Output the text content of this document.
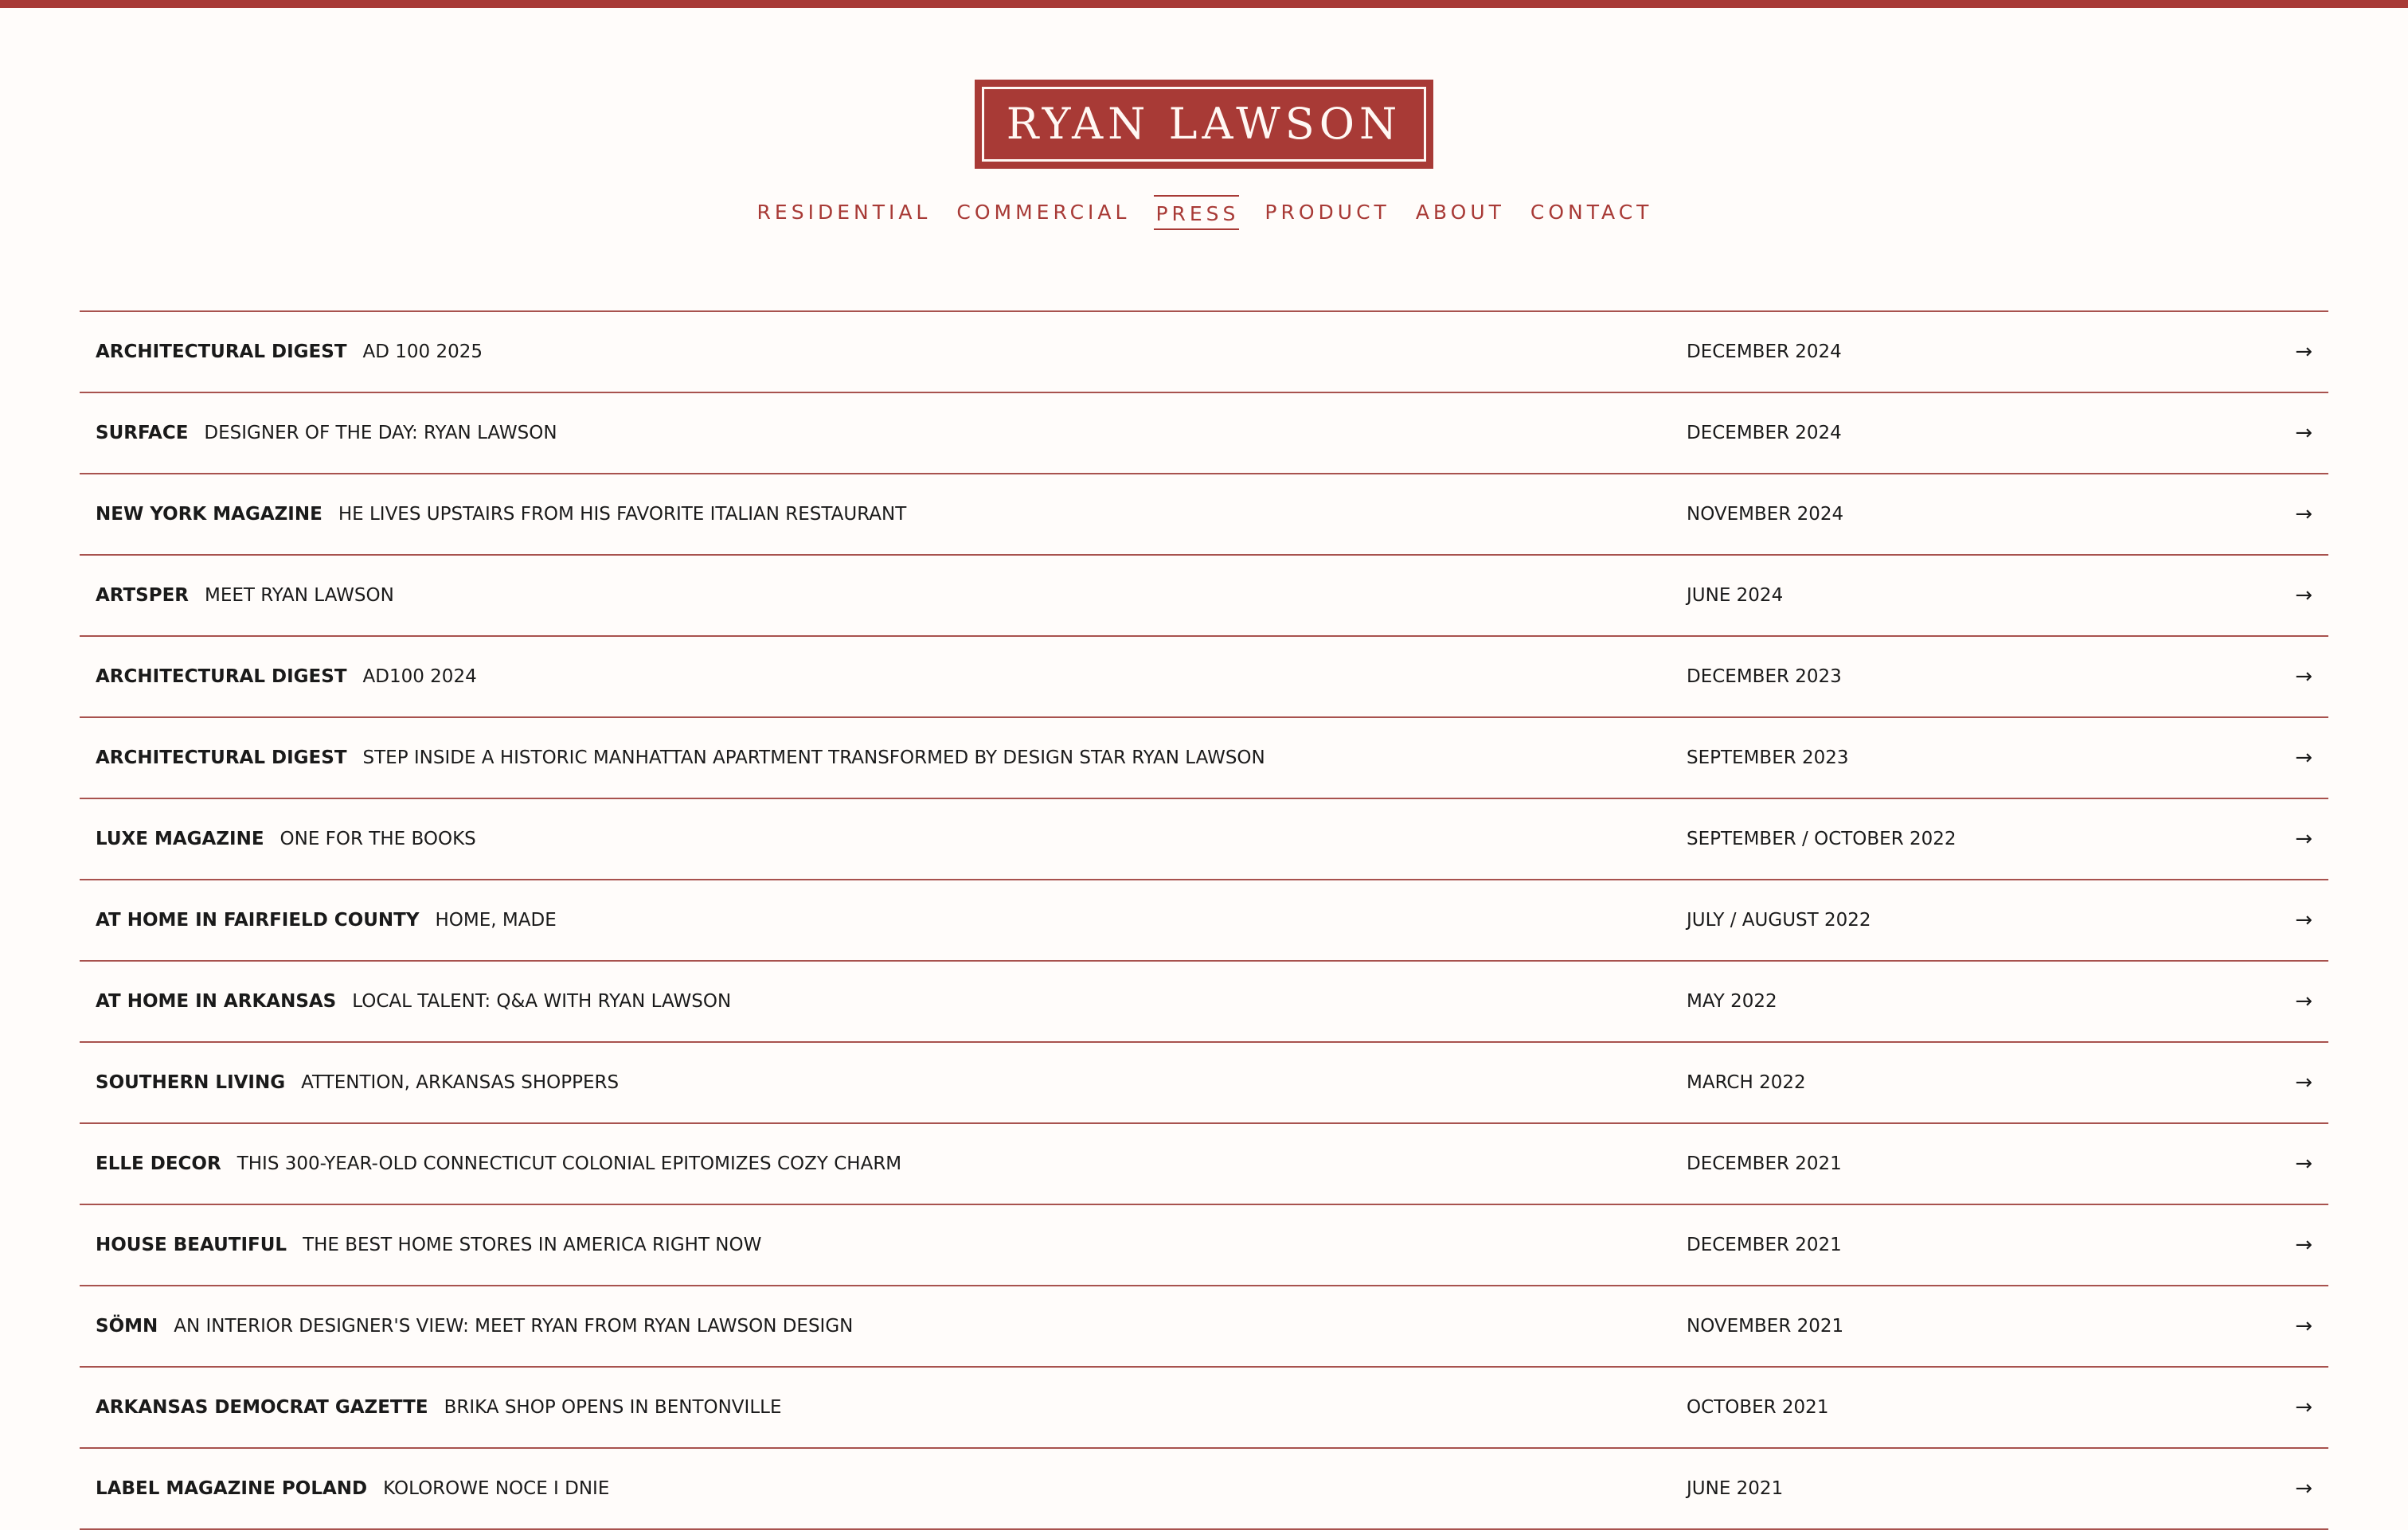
RYAN LAWSON
RESIDENTIAL COMMERCIAL PRESS PRODUCT ABOUT CONTACT
ARCHITECTURAL DIGEST AD 100 2025	DECEMBER 2024	→
SURFACE DESIGNER OF THE DAY: RYAN LAWSON	DECEMBER 2024	→
NEW YORK MAGAZINE HE LIVES UPSTAIRS FROM HIS FAVORITE ITALIAN RESTAURANT	NOVEMBER 2024	→
ARTSPER MEET RYAN LAWSON	JUNE 2024	→
ARCHITECTURAL DIGEST AD100 2024	DECEMBER 2023	→
ARCHITECTURAL DIGEST STEP INSIDE A HISTORIC MANHATTAN APARTMENT TRANSFORMED BY DESIGN STAR RYAN LAWSON	SEPTEMBER 2023	→
LUXE MAGAZINE ONE FOR THE BOOKS	SEPTEMBER / OCTOBER 2022	→
AT HOME IN FAIRFIELD COUNTY HOME, MADE	JULY / AUGUST 2022	→
AT HOME IN ARKANSAS LOCAL TALENT: Q&A WITH RYAN LAWSON	MAY 2022	→
SOUTHERN LIVING ATTENTION, ARKANSAS SHOPPERS	MARCH 2022	→
ELLE DECOR THIS 300-YEAR-OLD CONNECTICUT COLONIAL EPITOMIZES COZY CHARM	DECEMBER 2021	→
HOUSE BEAUTIFUL THE BEST HOME STORES IN AMERICA RIGHT NOW	DECEMBER 2021	→
SÖMN AN INTERIOR DESIGNER'S VIEW: MEET RYAN FROM RYAN LAWSON DESIGN	NOVEMBER 2021	→
ARKANSAS DEMOCRAT GAZETTE BRIKA SHOP OPENS IN BENTONVILLE	OCTOBER 2021	→
LABEL MAGAZINE POLAND KOLOROWE NOCE I DNIE	JUNE 2021	→
